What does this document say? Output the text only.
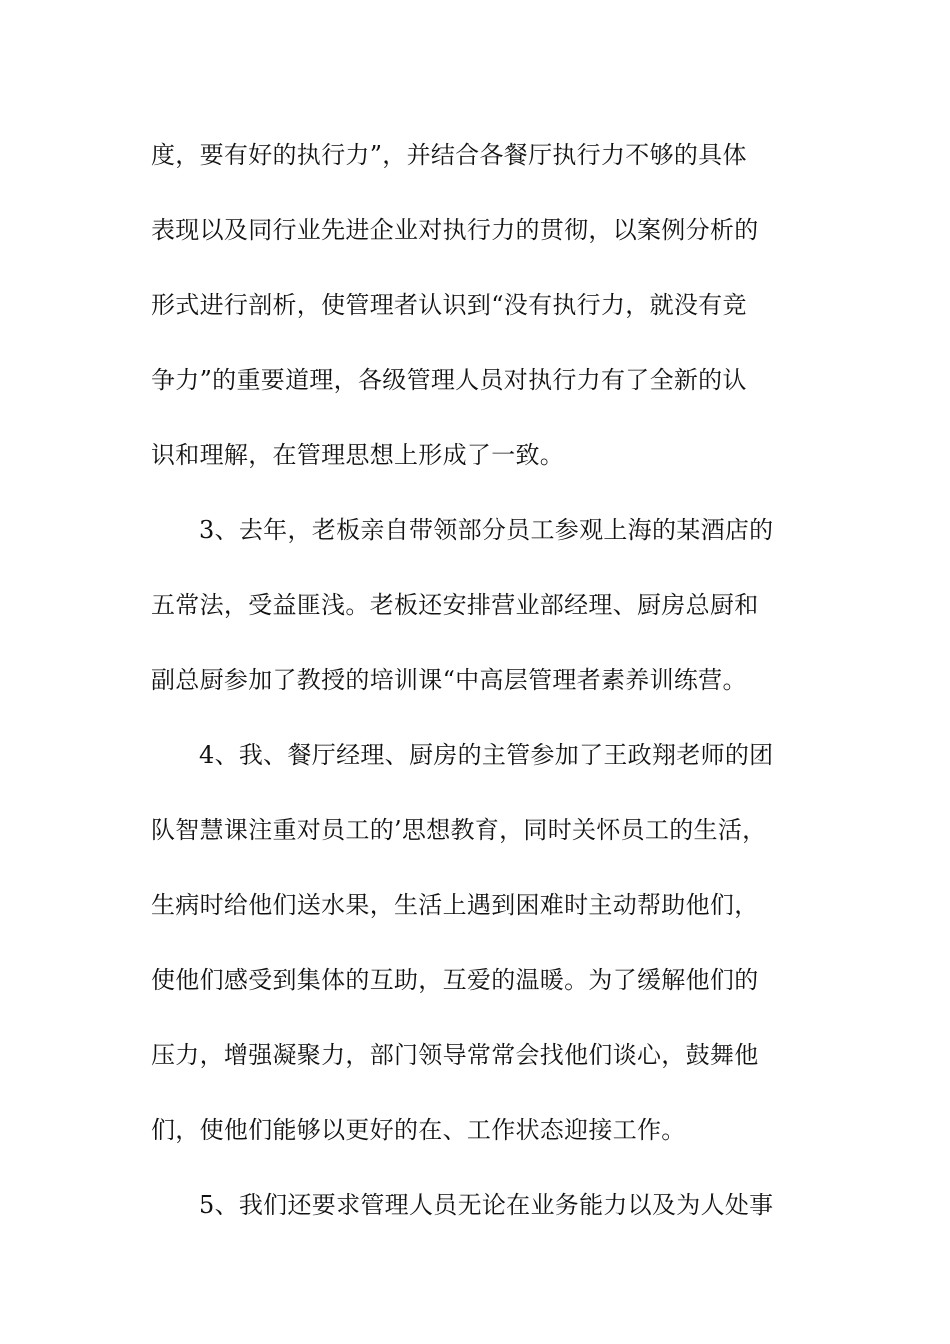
度，要有好的执行力”，并结合各餐厅执行力不够的具体
表现以及同行业先进企业对执行力的贯彻，以案例分析的
形式进行剖析，使管理者认识到“没有执行力，就没有竞
争力”的重要道理，各级管理人员对执行力有了全新的认
识和理解，在管理思想上形成了一致。
3、去年，老板亲自带领部分员工参观上海的某酒店的
五常法，受益匪浅。老板还安排营业部经理、厨房总厨和
副总厨参加了教授的培训课“中高层管理者素养训练营。
4、我、餐厅经理、厨房的主管参加了王政翔老师的团
队智慧课注重对员工的’思想教育，同时关怀员工的生活，
生病时给他们送水果，生活上遇到困难时主动帮助他们，
使他们感受到集体的互助，互爱的温暖。为了缓解他们的
压力，增强凝聚力，部门领导常常会找他们谈心，鼓舞他
们，使他们能够以更好的在、工作状态迎接工作。
5、我们还要求管理人员无论在业务能力以及为人处事
